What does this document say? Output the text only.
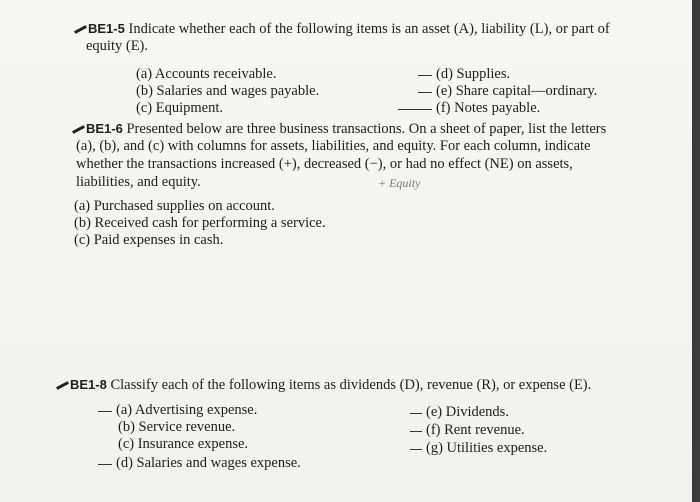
BE1-5 Indicate whether each of the following items is an asset (A), liability (L), or part of
equity (E).
(a) Accounts receivable.
(b) Salaries and wages payable.
(c) Equipment.
(d) Supplies.
(e) Share capital—ordinary.
(f) Notes payable.
BE1-6 Presented below are three business transactions. On a sheet of paper, list the letters
(a), (b), and (c) with columns for assets, liabilities, and equity. For each column, indicate
whether the transactions increased (+), decreased (−), or had no effect (NE) on assets,
liabilities, and equity.	+ Equity
(a) Purchased supplies on account.
(b) Received cash for performing a service.
(c) Paid expenses in cash.
BE1-8 Classify each of the following items as dividends (D), revenue (R), or expense (E).
(a) Advertising expense.
(b) Service revenue.
(c) Insurance expense.
(d) Salaries and wages expense.
(e) Dividends.
(f) Rent revenue.
(g) Utilities expense.
